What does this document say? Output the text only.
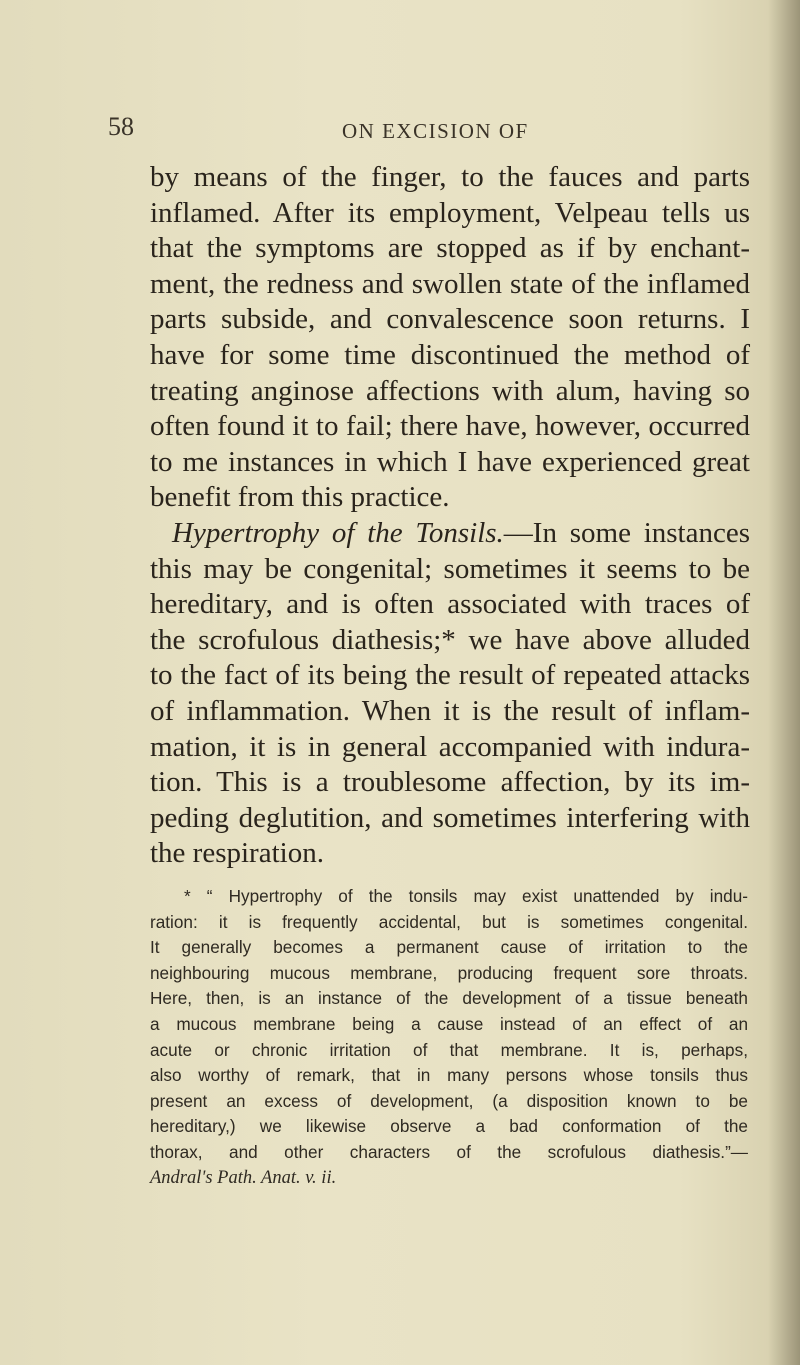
58	ON EXCISION OF
by means of the finger, to the fauces and parts
inflamed. After its employment, Velpeau tells us
that the symptoms are stopped as if by enchant-
ment, the redness and swollen state of the inflamed
parts subside, and convalescence soon returns. I
have for some time discontinued the method of
treating anginose affections with alum, having so
often found it to fail; there have, however, occurred
to me instances in which I have experienced great
benefit from this practice.
Hypertrophy of the Tonsils.—In some instances
this may be congenital; sometimes it seems to be
hereditary, and is often associated with traces of
the scrofulous diathesis;* we have above alluded
to the fact of its being the result of repeated attacks
of inflammation. When it is the result of inflam-
mation, it is in general accompanied with indura-
tion. This is a troublesome affection, by its im-
peding deglutition, and sometimes interfering with
the respiration.
* “ Hypertrophy of the tonsils may exist unattended by indu-
ration: it is frequently accidental, but is sometimes congenital.
It generally becomes a permanent cause of irritation to the
neighbouring mucous membrane, producing frequent sore throats.
Here, then, is an instance of the development of a tissue beneath
a mucous membrane being a cause instead of an effect of an
acute or chronic irritation of that membrane. It is, perhaps,
also worthy of remark, that in many persons whose tonsils thus
present an excess of development, (a disposition known to be
hereditary,) we likewise observe a bad conformation of the
thorax, and other characters of the scrofulous diathesis.”—
Andral's Path. Anat. v. ii.
